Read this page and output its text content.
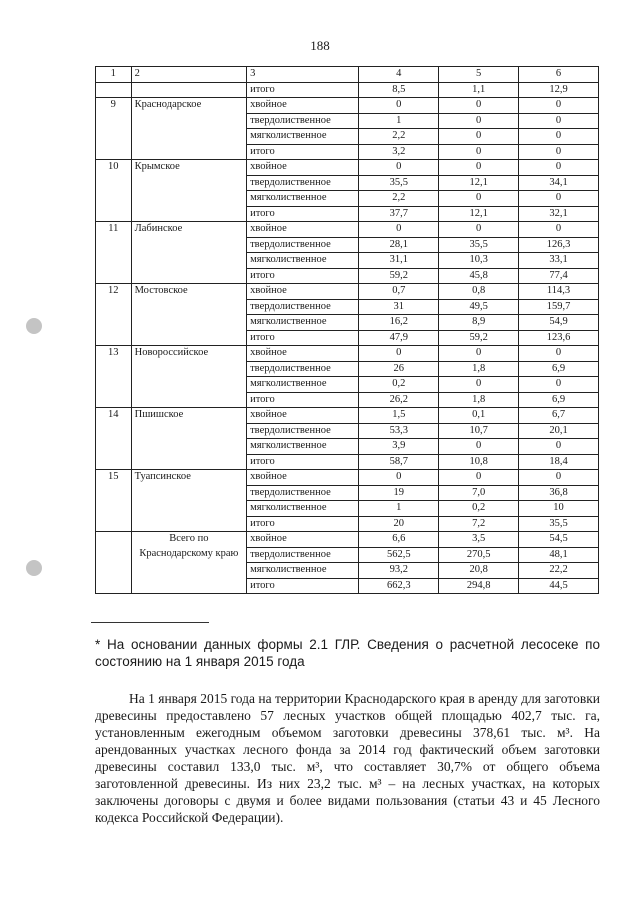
188
1	2	3	4	5	6
		итого	8,5	1,1	12,9
9	Краснодарское	хвойное	0	0	0
		твердолиственное	1	0	0
		мягколиственное	2,2	0	0
		итого	3,2	0	0
10	Крымское	хвойное	0	0	0
		твердолиственное	35,5	12,1	34,1
		мягколиственное	2,2	0	0
		итого	37,7	12,1	32,1
11	Лабинское	хвойное	0	0	0
		твердолиственное	28,1	35,5	126,3
		мягколиственное	31,1	10,3	33,1
		итого	59,2	45,8	77,4
12	Мостовское	хвойное	0,7	0,8	114,3
		твердолиственное	31	49,5	159,7
		мягколиственное	16,2	8,9	54,9
		итого	47,9	59,2	123,6
13	Новороссийское	хвойное	0	0	0
		твердолиственное	26	1,8	6,9
		мягколиственное	0,2	0	0
		итого	26,2	1,8	6,9
14	Пшишское	хвойное	1,5	0,1	6,7
		твердолиственное	53,3	10,7	20,1
		мягколиственное	3,9	0	0
		итого	58,7	10,8	18,4
15	Туапсинское	хвойное	0	0	0
		твердолиственное	19	7,0	36,8
		мягколиственное	1	0,2	10
		итого	20	7,2	35,5
	Всего по Краснодарскому краю	хвойное	6,6	3,5	54,5
		твердолиственное	562,5	270,5	48,1
		мягколиственное	93,2	20,8	22,2
		итого	662,3	294,8	44,5
* На основании данных формы 2.1 ГЛР. Сведения о расчетной лесосеке по состоянию на 1 января 2015 года

На 1 января 2015 года на территории Краснодарского края в аренду для заготовки древесины предоставлено 57 лесных участков общей площадью 402,7 тыс. га, установленным ежегодным объемом заготовки древесины 378,61 тыс. м³. На арендованных участках лесного фонда за 2014 год фактический объем заготовки древесины составил 133,0 тыс. м³, что составляет 30,7% от общего объема заготовленной древесины. Из них 23,2 тыс. м³ – на лесных участках, на которых заключены договоры с двумя и более видами пользования (статьи 43 и 45 Лесного кодекса Российской Федерации).
